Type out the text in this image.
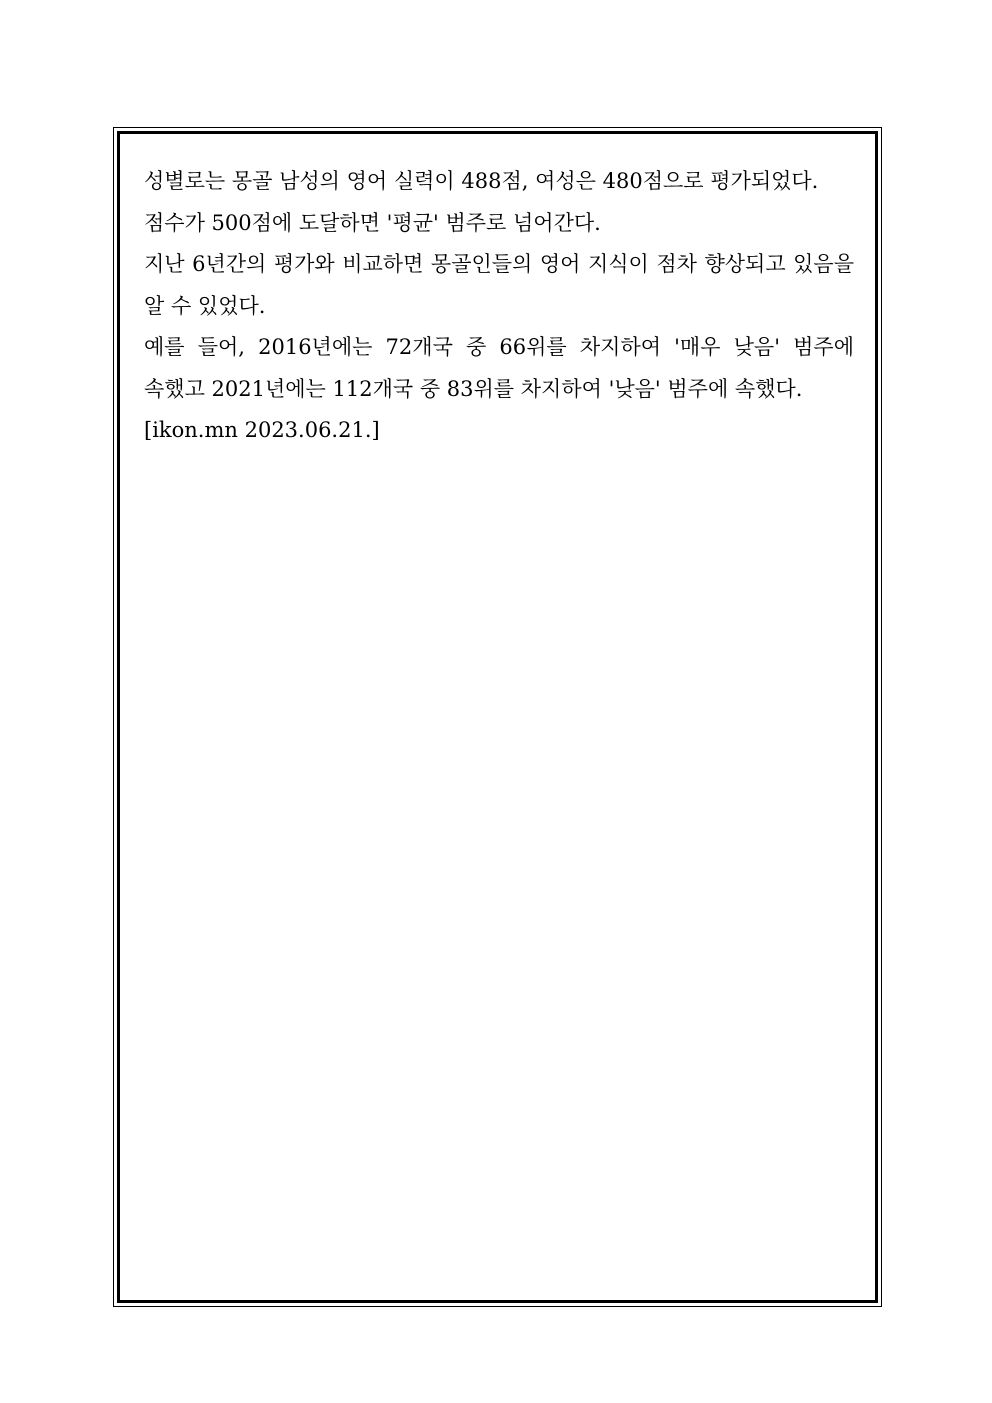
성별로는 몽골 남성의 영어 실력이 488점, 여성은 480점으로 평가되었다.

점수가 500점에 도달하면 '평균' 범주로 넘어간다.

지난 6년간의 평가와 비교하면 몽골인들의 영어 지식이 점차 향상되고 있음을 알 수 있었다.

예를 들어, 2016년에는 72개국 중 66위를 차지하여 '매우 낮음' 범주에 속했고 2021년에는 112개국 중 83위를 차지하여 '낮음' 범주에 속했다.

[ikon.mn 2023.06.21.]
